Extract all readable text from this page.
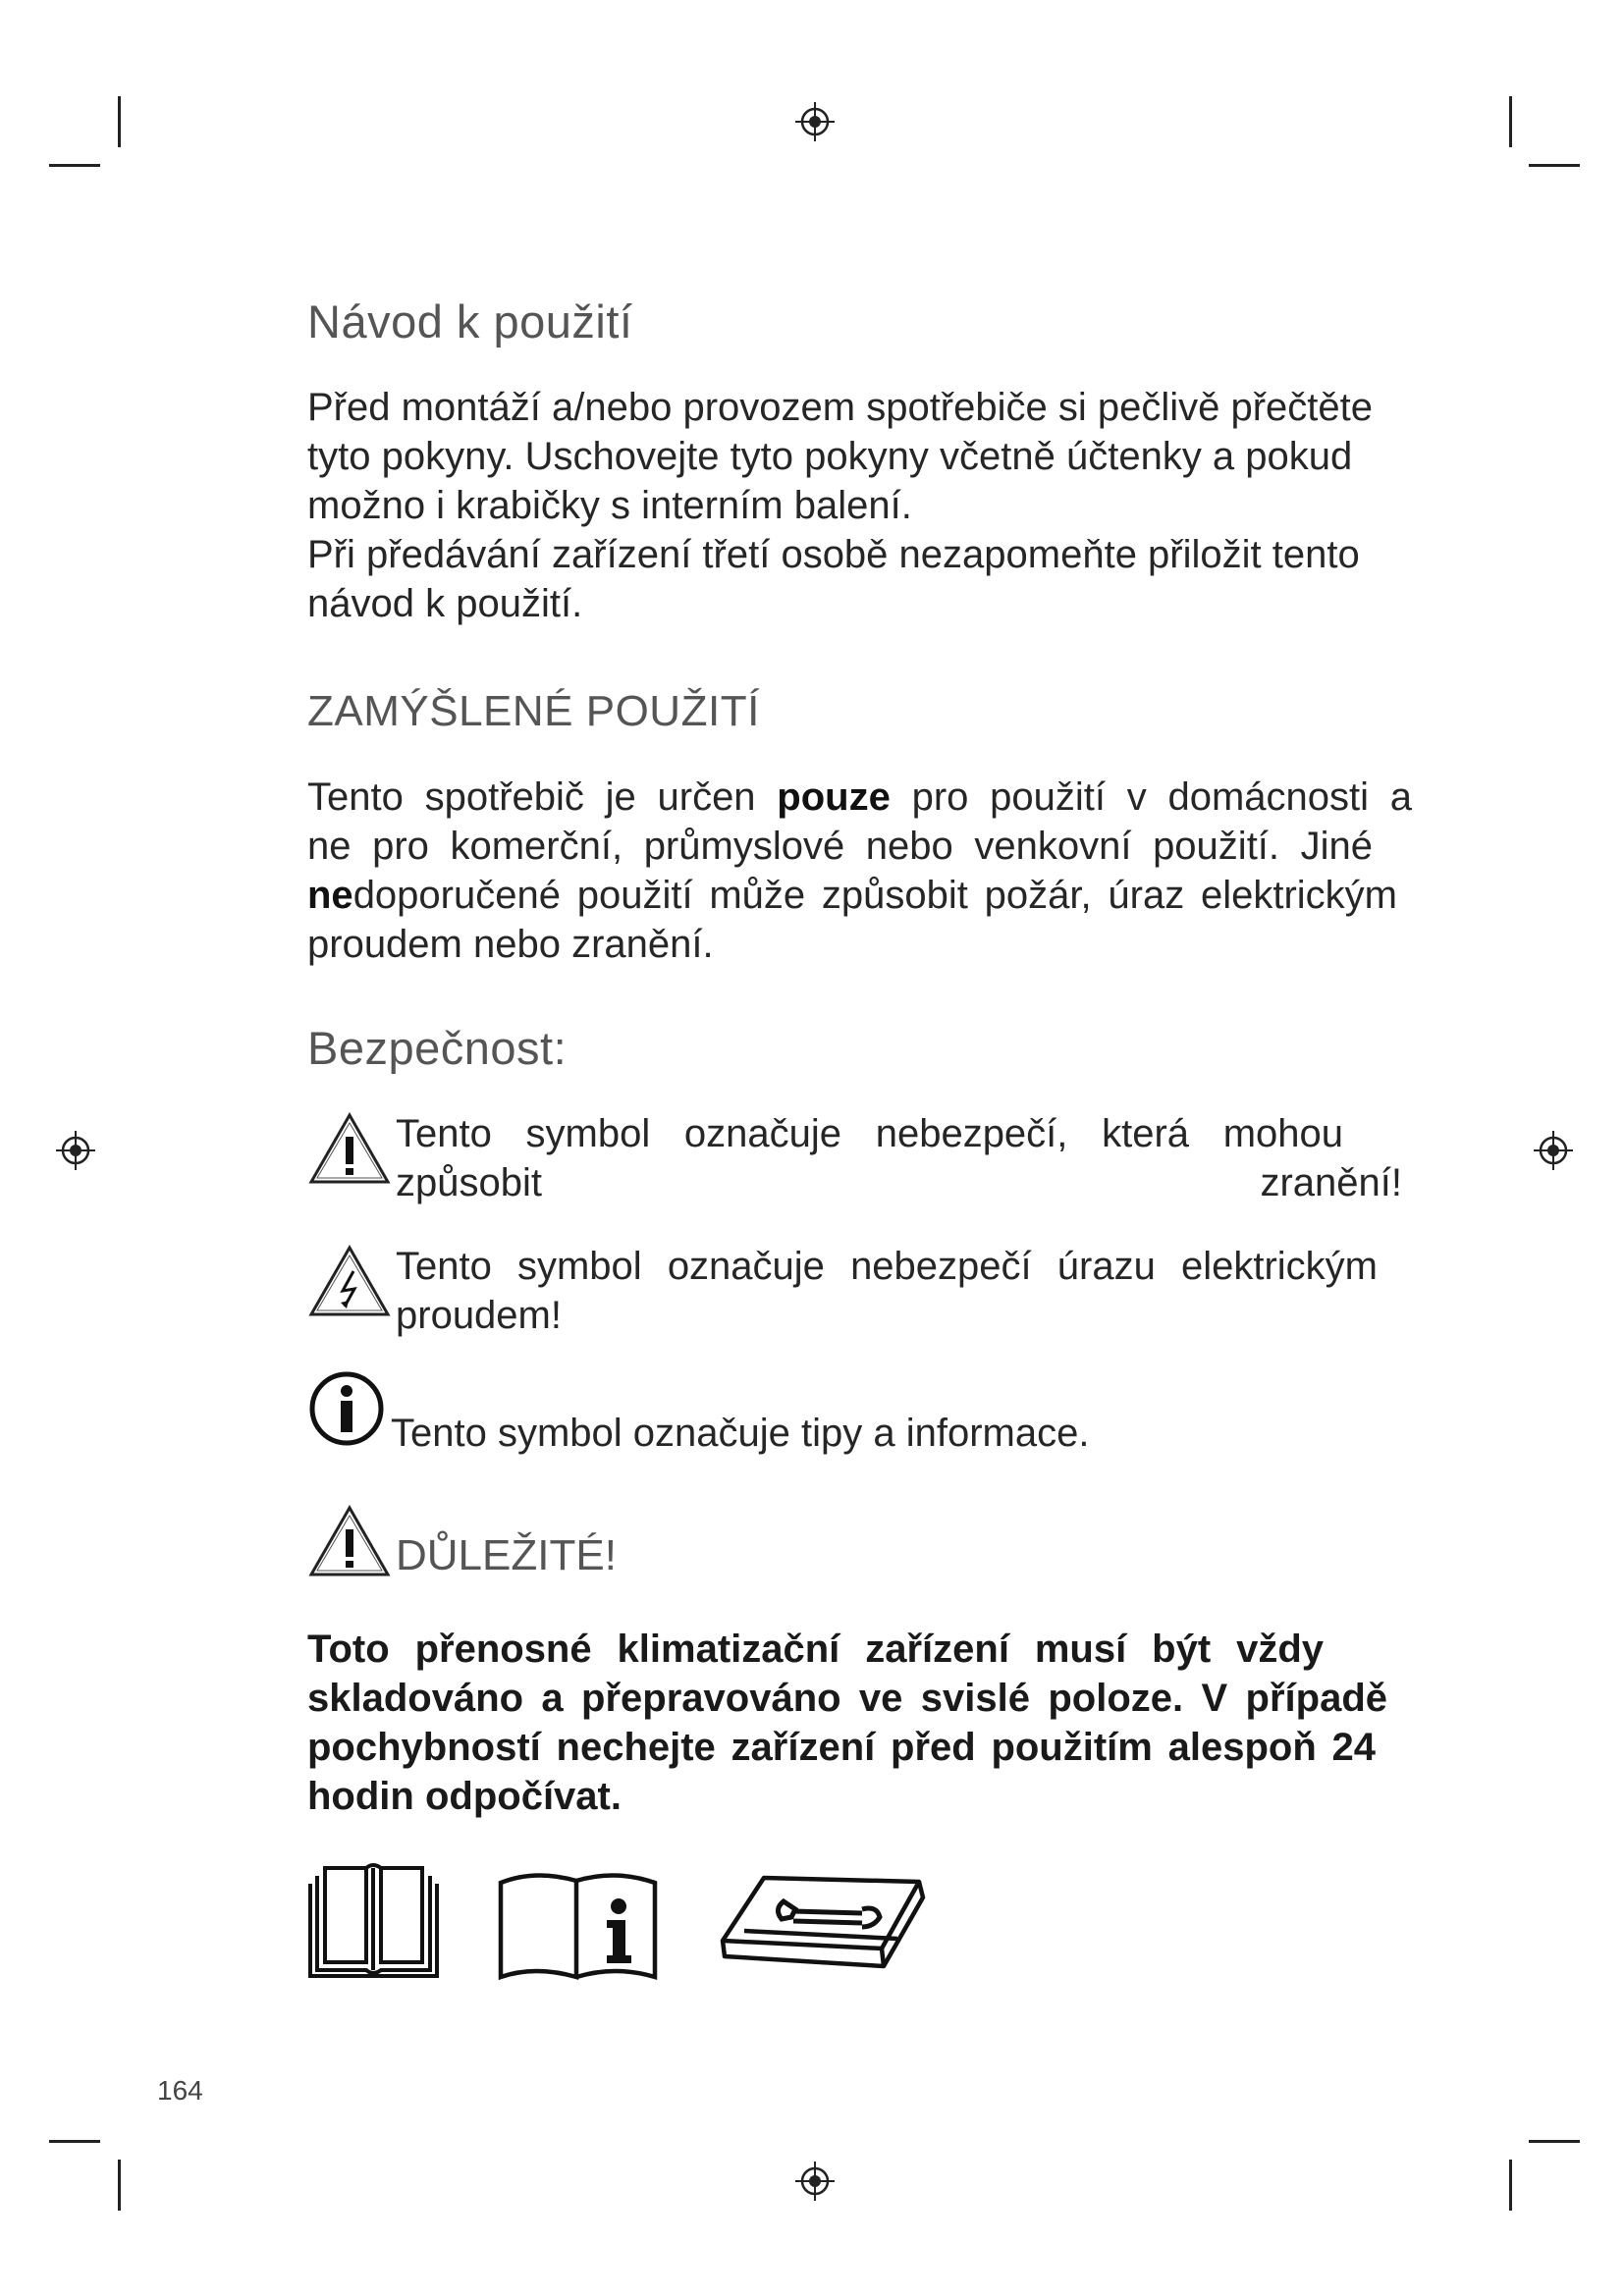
Návod k použití
Před montáží a/nebo provozem spotřebiče si pečlivě přečtěte
tyto pokyny. Uschovejte tyto pokyny včetně účtenky a pokud
možno i krabičky s interním balení.
Při předávání zařízení třetí osobě nezapomeňte přiložit tento
návod k použití.
ZAMÝŠLENÉ POUŽITÍ
Tento spotřebič je určen pouze pro použití v domácnosti a
ne pro komerční, průmyslové nebo venkovní použití. Jiné
nedoporučené použití může způsobit požár, úraz elektrickým
proudem nebo zranění.
Bezpečnost:
Tento symbol označuje nebezpečí, která mohou
způsobit zranění!
Tento symbol označuje nebezpečí úrazu elektrickým
proudem!
Tento symbol označuje tipy a informace.
DŮLEŽITÉ!
Toto přenosné klimatizační zařízení musí být vždy
skladováno a přepravováno ve svislé poloze. V případě
pochybností nechejte zařízení před použitím alespoň 24
hodin odpočívat.
164
